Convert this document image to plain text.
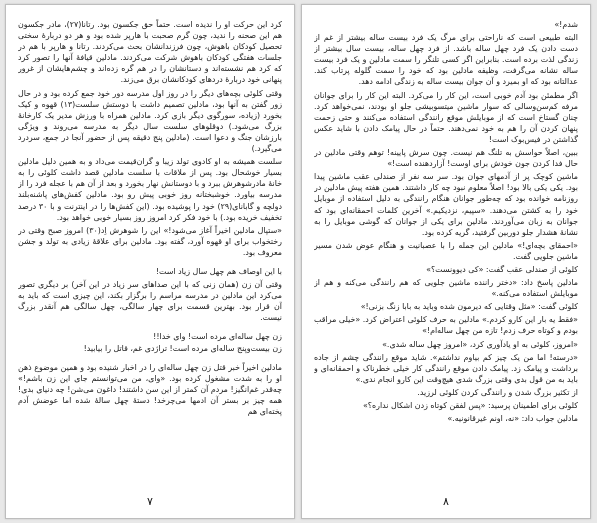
کرد این حرکت او را ندیده است. حتماً حق جکسون بود. رتانا(۲۷)، مادر جکسون هم این صحنه را ندید، چون گرم صحبت با هارپر شده بود و هر دو دربارهٔ سختی تحصیل کودکان باهوش، چون فرزندانشان بحث می‌کردند. رتانا و هارپر با هم در جلسات هفتگی کودکان باهوش شرکت می‌کردند. مادلین قیافهٔ آنها را تصور کرد که کرد هم نشسته‌اند و دستانشان را در هم گره زده‌اند و چشم‌هایشان از غرور پنهانی خود دربارهٔ دردهای کودکانشان برق می‌زند.

وقتی کلوئی بچه‌های دیگر را در روز اول مدرسه دور خود جمع کرده بود و در حال زور گفتن به آنها بود، مادلین تصمیم داشت با دوستش سلست(۱۳) قهوه و کیک بخورد (زیاده، سورگوی دیگر بازی کرد. مادلین همراه با ورزش مدیر یک کارخانهٔ بزرگ می‌شود.) دوقلوهای سلست سال دیگر به مدرسه می‌روند و ویژگی بارزشان جنگ و دعوا است. (مادلین پنج دقیقه پس از حضور آنجا در جمع، سردرد می‌گیرد.)

سلست همیشه به او کادوی تولد زیبا و گران‌قیمت می‌داد و به همین دلیل مادلین بسیار خوشحال بود. پس از ملاقات با سلست مادلین قصد داشت کلوئی را به خانهٔ مادرشوهرش ببرد و با دوستانش نهار بخورد و بعد از آن هم با عجله فرد را از مدرسه بیاورد. خوشبختانه روز خوبی پیش رو بود. مادلین کفش‌های پاشنه‌بلند دولچه و گابانای(۲۹) خود را پوشیده بود. (این کفش‌ها را در اینترنت و با ۳۰ درصد تخفیف خریده بود.) با خود فکر کرد امروز روز بسیار خوبی خواهد بود.

«ستپال مادلین اخیراً آغاز می‌شود!» این را شوهرش اِد(۳۰) امروز صبح وقتی در رختخواب برای او قهوه آورد، گفته بود. مادلین برای علاقهٔ زیادی به تولد و جشن معروف بود.

با این اوصاف هم چهل سال زیاد است!

وقتی آن زن (همان زنی که با این صداهای سر زیاد در این آخر) بر دیگری تصور می‌کرد این مادلین در مدرسه مراسم را برگزار بکند، این چیزی است که باید به آن قرار بود. بهترین قسمت برای چهار سالگی، چهل سالگی هم آنقدر بزرگ نیست.

زن چهل ساله‌ای مرده است! وای خدا!!
زن بیست‌وپنج ساله‌ای مرده است! تراژدی غم، قاتل را بیابید!

مادلین اخیراً خبر قتل زن چهل ساله‌ای را در اخبار شنیده بود و همین موضوع ذهن او را به شدت مشغول کرده بود. «وای، من می‌توانستم جای این زن باشم!» چه‌قدر غم‌انگیز! مردم آن کمتر از این سن داشتند! داغون می‌شن! چه دنیای بدی! همه چیز بر بستر آن ادمها می‌چرخد! دستهٔ چهل سالهٔ شده اما عوضش آدم پخته‌ای هم

۷

شدم!»

البته طبیعی است که ناراحتی برای مرگ یک فرد بیست ساله بیشتر از غم از دست دادن یک فرد چهل ساله باشد. از فرد چهل ساله، بیست سال بیشتر از زندگی لذت برده است. بنابراین اگر کسی تلنگر را سمت مادلین و یک فرد بیست ساله نشانه می‌گرفت، وظیفه مادلین بود که خود را سمت گلوله پرتاب کند. عدالتانه بود که او بمیرد و آن جوان بیست ساله به زندگی ادامه دهد.

اگر مطمئن بود آدم خوبی است، این کار را می‌کرد. البته این کار را برای جوانان مرفه کم‌سن‌وسالی که سوار ماشین میتسوبیشی جلو او بودند، نمی‌خواهد کرد. چنان گستاخ است که از موبایلش موقع رانندگی استفاده می‌کنند و حتی زحمت پنهان کردن آن را هم به خود نمی‌دهند. حتماً در حال پیامک دادن با شاید عکس گذاشتن در فیس‌بوک است!

ببین، اصلاً حواسش به تلنگ هم نیست. چون سرش پایینه! توهم وقتی مادلین در حال فدا کردن جون خودش برای اوست! آزاردهنده است!»

ماشین کوچک پر از آدمهای جوان بود. سر سه نفر از صندلی عقب ماشین پیدا بود. یکی یکی بالا بود! اصلاً معلوم نبود چه کار داشتند. همین هفته پیش مادلین در روزنامه خوانده بود که چه‌طور جوانان هنگام رانندگی به دلیل استفاده از موبایل خود را به کشتن می‌دهند. «سپیم، نزدیکیم.» آخرین کلمات احمقانه‌ای بود که جوانان به زبان می‌آوردند. مادلین برای یکی از جوانان که گوشی موبایل را به نشانهٔ هشدار جلو دوربین گرفتید، گریه کرده بود.

«احمقای بچه‌ای!» مادلین این جمله را با عصبانیت و هنگام عوض شدن مسیر ماشین جلویی گفت.

کلوئی از صندلی عقب گفت: «کی دیوونست؟»

مادلین پاسخ داد: «دختر راننده ماشین جلویی که هم رانندگی می‌کنه و هم از موبایلش استفاده می‌کنه.»

کلوئی گفت: «مثل وقتایی که دیرمون شده وباید به بابا زنگ بزنی!»

«فقط یه بار این کارو کردم.» مادلین به حرف کلوئی اعتراض کرد. «خیلی مراقب بودم و کوتاه حرف زدم! تازه من چهل ساله‌ام!»

«امروز، کلوئی به او یادآوری کرد، «امروز چهل ساله شدی.»

«درسته! اما من یک چیز کم بیاوم نداشتم». شاید موقع رانندگی چشم از جاده برداشت و پیامک زد. پیامک دادن موقع رانندگی کار خیلی خطرناک و احمقانه‌ای و باید به من قول بدی وقتی بزرگ شدی هیچ‌وقت این کارو انجام ندی.»

از تکثیر بزرگ شدن و رانندگی کردن کلوئی لرزید.

کلوئی برای اطمینان پرسید: «پس لفقن کوتاه زدن اشکال نداره؟»

مادلین جواب داد: «نه، اونم غیرقانونیه.»

۸
